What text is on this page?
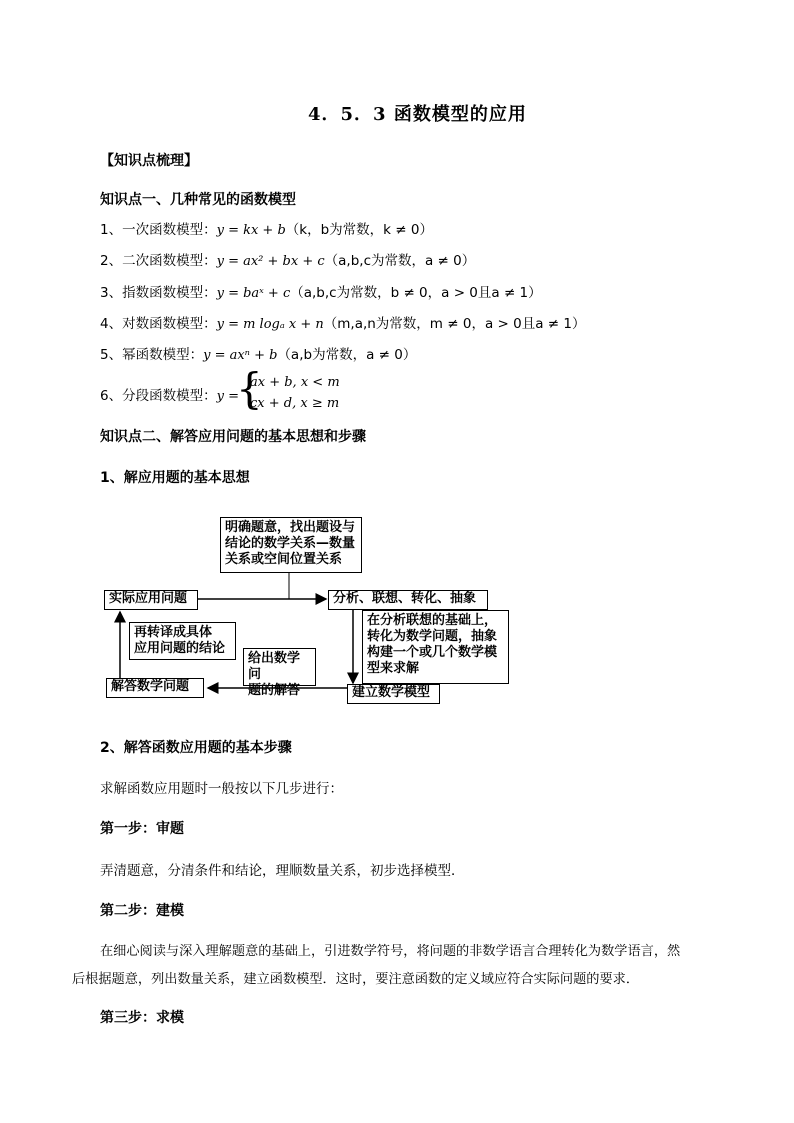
4．5．3 函数模型的应用
【知识点梳理】
知识点一、几种常见的函数模型
1、一次函数模型：y = kx + b（k，b为常数，k ≠ 0）
2、二次函数模型：y = ax² + bx + c（a,b,c为常数，a ≠ 0）
3、指数函数模型：y = baˣ + c（a,b,c为常数，b ≠ 0，a > 0且a ≠ 1）
4、对数函数模型：y = m logₐ x + n（m,a,n为常数，m ≠ 0，a > 0且a ≠ 1）
5、幂函数模型：y = axⁿ + b（a,b为常数，a ≠ 0）
6、分段函数模型：y =
{
ax + b, x < m
cx + d, x ≥ m
知识点二、解答应用问题的基本思想和步骤
1、解应用题的基本思想
明确题意，找出题设与
结论的数学关系—数量
关系或空间位置关系
实际应用问题	分析、联想、转化、抽象
在分析联想的基础上，
转化为数学问题，抽象
构建一个或几个数学模
型来求解
建立数学模型
解答数学问题
再转译成具体
应用问题的结论
给出数学问
题的解答
2、解答函数应用题的基本步骤
求解函数应用题时一般按以下几步进行：
第一步：审题
弄清题意，分清条件和结论，理顺数量关系，初步选择模型．
第二步：建模
在细心阅读与深入理解题意的基础上，引进数学符号，将问题的非数学语言合理转化为数学语言，然
后根据题意，列出数量关系，建立函数模型．这时，要注意函数的定义域应符合实际问题的要求．
第三步：求模
